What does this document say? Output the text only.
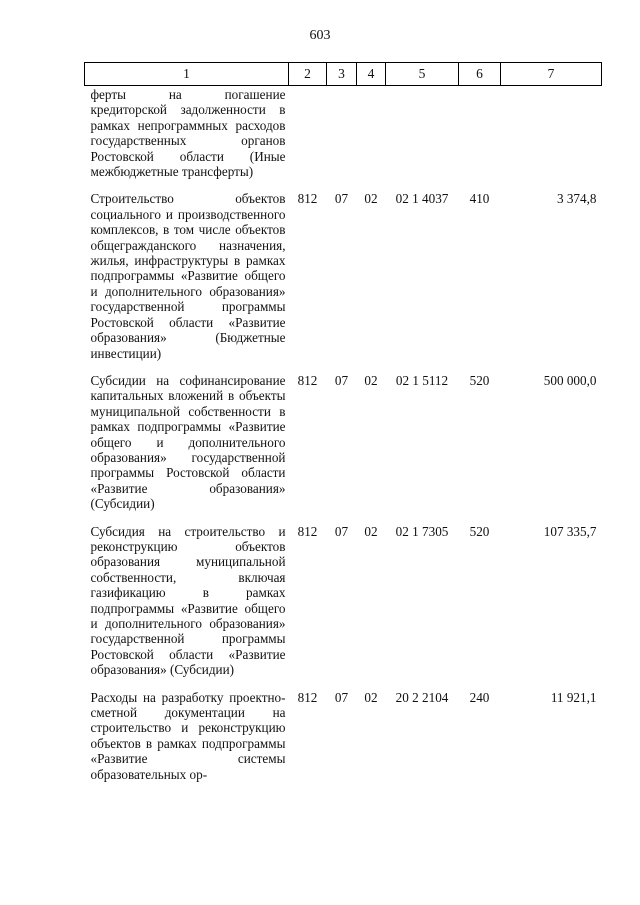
603
1	2	3	4	5	6	7
ферты на погашение кредиторской задолженности в рамках непрограммных расходов государственных органов Ростовской области (Иные межбюджетные трансферты)						
Строительство объектов социального и производственного комплексов, в том числе объектов общегражданского назначения, жилья, инфраструктуры в рамках подпрограммы «Развитие общего и дополнительного образования» государственной программы Ростовской области «Развитие образования» (Бюджетные инвестиции)	812	07	02	02 1 4037	410	3 374,8
Субсидии на софинансирование капитальных вложений в объекты муниципальной собственности в рамках подпрограммы «Развитие общего и дополнительного образования» государственной программы Ростовской области «Развитие образования» (Субсидии)	812	07	02	02 1 5112	520	500 000,0
Субсидия на строительство и реконструкцию объектов образования муниципальной собственности, включая газификацию в рамках подпрограммы «Развитие общего и дополнительного образования» государственной программы Ростовской области «Развитие образования» (Субсидии)	812	07	02	02 1 7305	520	107 335,7
Расходы на разработку проектно-сметной документации на строительство и реконструкцию объектов в рамках подпрограммы «Развитие системы образовательных ор-	812	07	02	20 2 2104	240	11 921,1
